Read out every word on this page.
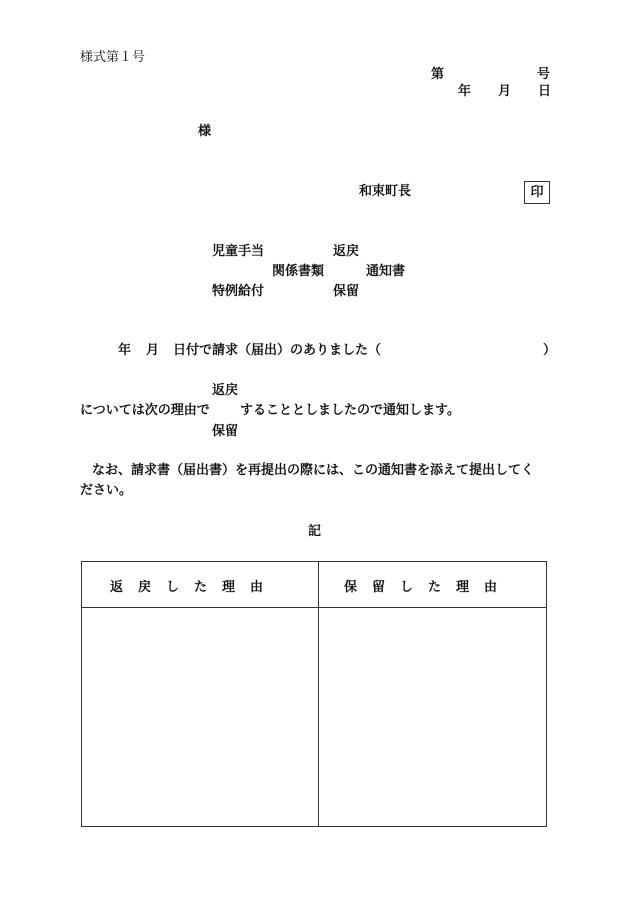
様式第１号
第	号
年 月 日
様
和束町長	印
児童手当	返戻
関係書類	通知書
特例給付	保留
年 月 日付で請求（届出）のありました（	）
返戻
については次の理由で することとしましたので通知します。
保留
なお、請求書（届出書）を再提出の際には、この通知書を添えて提出してく
ださい。
記
返戻した理由	保留した理由
